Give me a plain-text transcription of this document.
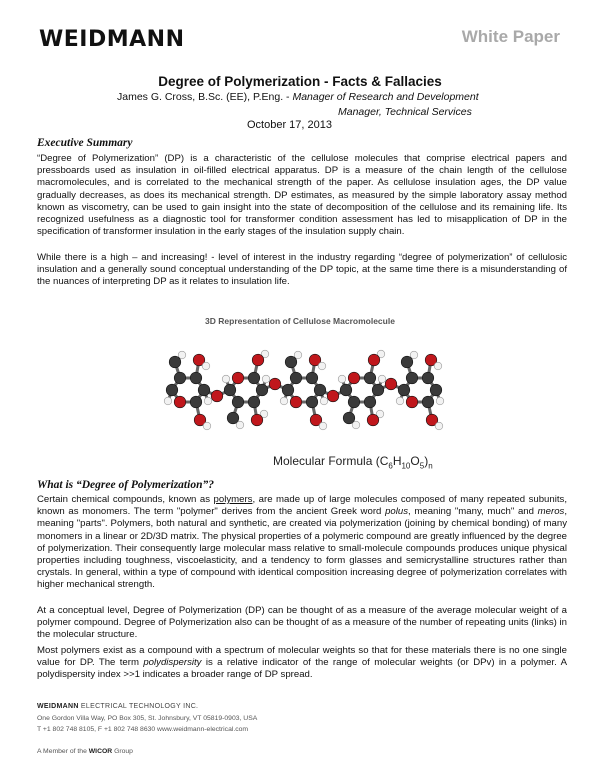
WEIDMANN	White Paper
Degree of Polymerization - Facts & Fallacies
James G. Cross, B.Sc. (EE), P.Eng. - Manager of Research and Development
Manager, Technical Services
October 17, 2013
Executive Summary

“Degree of Polymerization” (DP) is a characteristic of the cellulose molecules that comprise electrical papers and pressboards used as insulation in oil-filled electrical apparatus. DP is a measure of the chain length of the cellulose macromolecules, and is correlated to the mechanical strength of the paper. As cellulose insulation ages, the DP value gradually decreases, as does its mechanical strength. DP estimates, as measured by the simple laboratory assay method known as viscometry, can be used to gain insight into the state of decomposition of the cellulose and its remaining life. Its recognized usefulness as a diagnostic tool for transformer condition assessment has led to misapplication of DP in the specification of transformer insulation in the early stages of the insulation supply chain.

While there is a high – and increasing! - level of interest in the industry regarding “degree of polymerization” of cellulosic insulation and a generally sound conceptual understanding of the DP topic, at the same time there is a misunderstanding of the nuances of interpreting DP as it relates to insulation life.

3D Representation of Cellulose Macromolecule
Molecular Formula $(C_6H_{10}O_5)_n$
What is “Degree of Polymerization”?

Certain chemical compounds, known as polymers, are made up of large molecules composed of many repeated subunits, known as monomers. The term "polymer" derives from the ancient Greek word polus, meaning "many, much" and meros, meaning "parts". Polymers, both natural and synthetic, are created via polymerization (joining by chemical bonding) of many monomers in a linear or 2D/3D matrix. The physical properties of a polymeric compound are greatly influenced by the degree of polymerization. Their consequently large molecular mass relative to small-molecule compounds produces unique physical properties including toughness, viscoelasticity, and a tendency to form glasses and semicrystalline structures rather than crystals. In general, within a type of compound with identical composition increasing degree of polymerization correlates with higher mechanical strength.

At a conceptual level, Degree of Polymerization (DP) can be thought of as a measure of the average molecular weight of a polymer compound. Degree of Polymerization also can be thought of as a measure of the number of repeating units (links) in the molecular structure.

Most polymers exist as a compound with a spectrum of molecular weights so that for these materials there is no one single value for DP. The term polydispersity is a relative indicator of the range of molecular weights (or DPv) in a polymer. A polydispersity index >>1 indicates a broader range of DP spread.

WEIDMANN ELECTRICAL TECHNOLOGY INC.
One Gordon Villa Way, PO Box 305, St. Johnsbury, VT 05819-0903, USA
T +1 802 748 8105, F +1 802 748 8630 www.weidmann-electrical.com
A Member of the WICOR Group
